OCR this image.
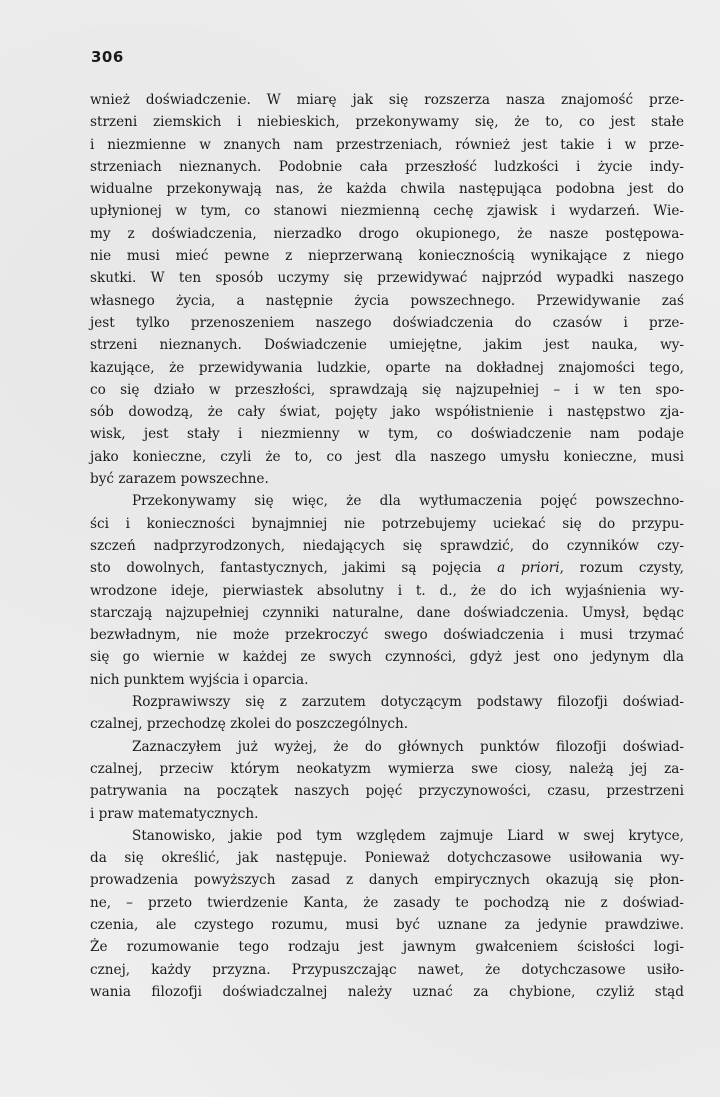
306
wnież doświadczenie. W miarę jak się rozszerza nasza znajomość prze-
strzeni ziemskich i niebieskich, przekonywamy się, że to, co jest stałe
i niezmienne w znanych nam przestrzeniach, również jest takie i w prze-
strzeniach nieznanych. Podobnie cała przeszłość ludzkości i życie indy-
widualne przekonywają nas, że każda chwila następująca podobna jest do
upłynionej w tym, co stanowi niezmienną cechę zjawisk i wydarzeń. Wie-
my z doświadczenia, nierzadko drogo okupionego, że nasze postępowa-
nie musi mieć pewne z nieprzerwaną koniecznością wynikające z niego
skutki. W ten sposób uczymy się przewidywać najprzód wypadki naszego
własnego życia, a następnie życia powszechnego. Przewidywanie zaś
jest tylko przenoszeniem naszego doświadczenia do czasów i prze-
strzeni nieznanych. Doświadczenie umiejętne, jakim jest nauka, wy-
kazujące, że przewidywania ludzkie, oparte na dokładnej znajomości tego,
co się działo w przeszłości, sprawdzają się najzupełniej – i w ten spo-
sób dowodzą, że cały świat, pojęty jako współistnienie i następstwo zja-
wisk, jest stały i niezmienny w tym, co doświadczenie nam podaje
jako konieczne, czyli że to, co jest dla naszego umysłu konieczne, musi
być zarazem powszechne.
Przekonywamy się więc, że dla wytłumaczenia pojęć powszechno-
ści i konieczności bynajmniej nie potrzebujemy uciekać się do przypu-
szczeń nadprzyrodzonych, niedających się sprawdzić, do czynników czy-
sto dowolnych, fantastycznych, jakimi są pojęcia a priori, rozum czysty,
wrodzone ideje, pierwiastek absolutny i t. d., że do ich wyjaśnienia wy-
starczają najzupełniej czynniki naturalne, dane doświadczenia. Umysł, będąc
bezwładnym, nie może przekroczyć swego doświadczenia i musi trzymać
się go wiernie w każdej ze swych czynności, gdyż jest ono jedynym dla
nich punktem wyjścia i oparcia.
Rozprawiwszy się z zarzutem dotyczącym podstawy filozofji doświad-
czalnej, przechodzę zkolei do poszczególnych.
Zaznaczyłem już wyżej, że do głównych punktów filozofji doświad-
czalnej, przeciw którym neokatyzm wymierza swe ciosy, należą jej za-
patrywania na początek naszych pojęć przyczynowości, czasu, przestrzeni
i praw matematycznych.
Stanowisko, jakie pod tym względem zajmuje Liard w swej krytyce,
da się określić, jak następuje. Ponieważ dotychczasowe usiłowania wy-
prowadzenia powyższych zasad z danych empirycznych okazują się płon-
ne, – przeto twierdzenie Kanta, że zasady te pochodzą nie z doświad-
czenia, ale czystego rozumu, musi być uznane za jedynie prawdziwe.
Że rozumowanie tego rodzaju jest jawnym gwałceniem ścisłości logi-
cznej, każdy przyzna. Przypuszczając nawet, że dotychczasowe usiło-
wania filozofji doświadczalnej należy uznać za chybione, czyliż stąd
